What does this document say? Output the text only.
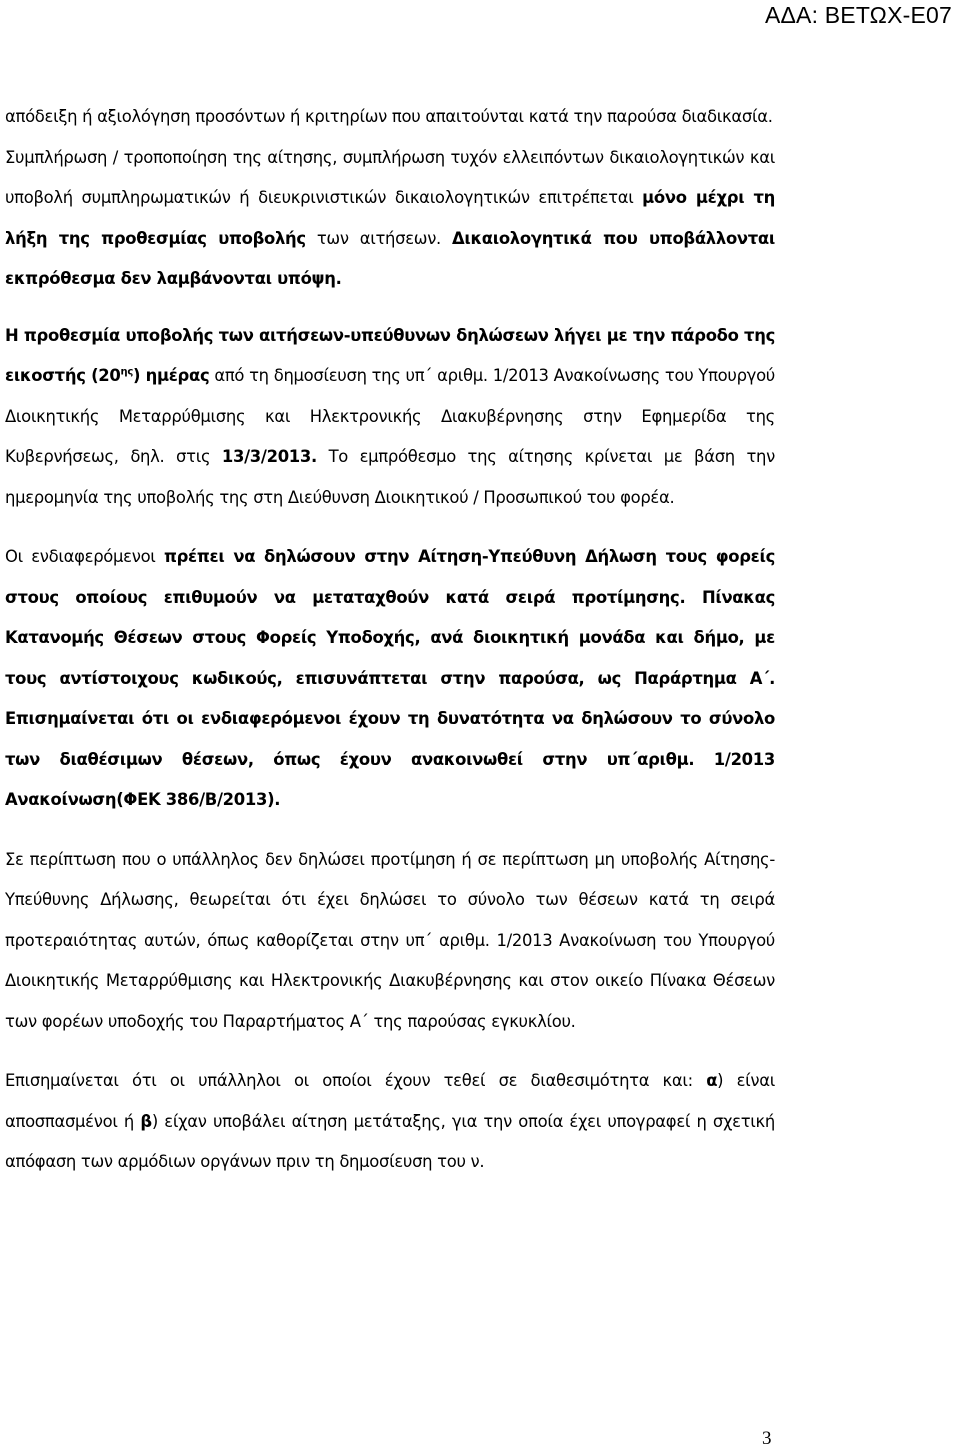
ΑΔΑ: ΒΕΤΩΧ-Ε07

απόδειξη ή αξιολόγηση προσόντων ή κριτηρίων που απαιτούνται κατά την παρούσα διαδικασία.

Συμπλήρωση / τροποποίηση της αίτησης, συμπλήρωση τυχόν ελλειπόντων δικαιολογητικών και υποβολή συμπληρωματικών ή διευκρινιστικών δικαιολογητικών επιτρέπεται μόνο μέχρι τη λήξη της προθεσμίας υποβολής των αιτήσεων. Δικαιολογητικά που υποβάλλονται εκπρόθεσμα δεν λαμβάνονται υπόψη.

Η προθεσμία υποβολής των αιτήσεων-υπεύθυνων δηλώσεων λήγει με την πάροδο της εικοστής $(20^{\eta\varsigma})$ ημέρας από τη δημοσίευση της υπ΄ αριθμ. 1/2013 Ανακοίνωσης του Υπουργού Διοικητικής Μεταρρύθμισης και Ηλεκτρονικής Διακυβέρνησης στην Εφημερίδα της Κυβερνήσεως, δηλ. στις 13/3/2013. Το εμπρόθεσμο της αίτησης κρίνεται με βάση την ημερομηνία της υποβολής της στη Διεύθυνση Διοικητικού / Προσωπικού του φορέα.

Οι ενδιαφερόμενοι πρέπει να δηλώσουν στην Αίτηση-Υπεύθυνη Δήλωση τους φορείς στους οποίους επιθυμούν να μεταταχθούν κατά σειρά προτίμησης. Πίνακας Κατανομής Θέσεων στους Φορείς Υποδοχής, ανά διοικητική μονάδα και δήμο, με τους αντίστοιχους κωδικούς, επισυνάπτεται στην παρούσα, ως Παράρτημα Α΄. Επισημαίνεται ότι οι ενδιαφερόμενοι έχουν τη δυνατότητα να δηλώσουν το σύνολο των διαθέσιμων θέσεων, όπως έχουν ανακοινωθεί στην υπ΄αριθμ. 1/2013 Ανακοίνωση(ΦΕΚ 386/Β/2013).

Σε περίπτωση που ο υπάλληλος δεν δηλώσει προτίμηση ή σε περίπτωση μη υποβολής Αίτησης-Υπεύθυνης Δήλωσης, θεωρείται ότι έχει δηλώσει το σύνολο των θέσεων κατά τη σειρά προτεραιότητας αυτών, όπως καθορίζεται στην υπ΄ αριθμ. 1/2013 Ανακοίνωση του Υπουργού Διοικητικής Μεταρρύθμισης και Ηλεκτρονικής Διακυβέρνησης και στον οικείο Πίνακα Θέσεων των φορέων υποδοχής του Παραρτήματος Α΄ της παρούσας εγκυκλίου.

Επισημαίνεται ότι οι υπάλληλοι οι οποίοι έχουν τεθεί σε διαθεσιμότητα και: α) είναι αποσπασμένοι ή β) είχαν υποβάλει αίτηση μετάταξης, για την οποία έχει υπογραφεί η σχετική απόφαση των αρμόδιων οργάνων πριν τη δημοσίευση του ν.

3
